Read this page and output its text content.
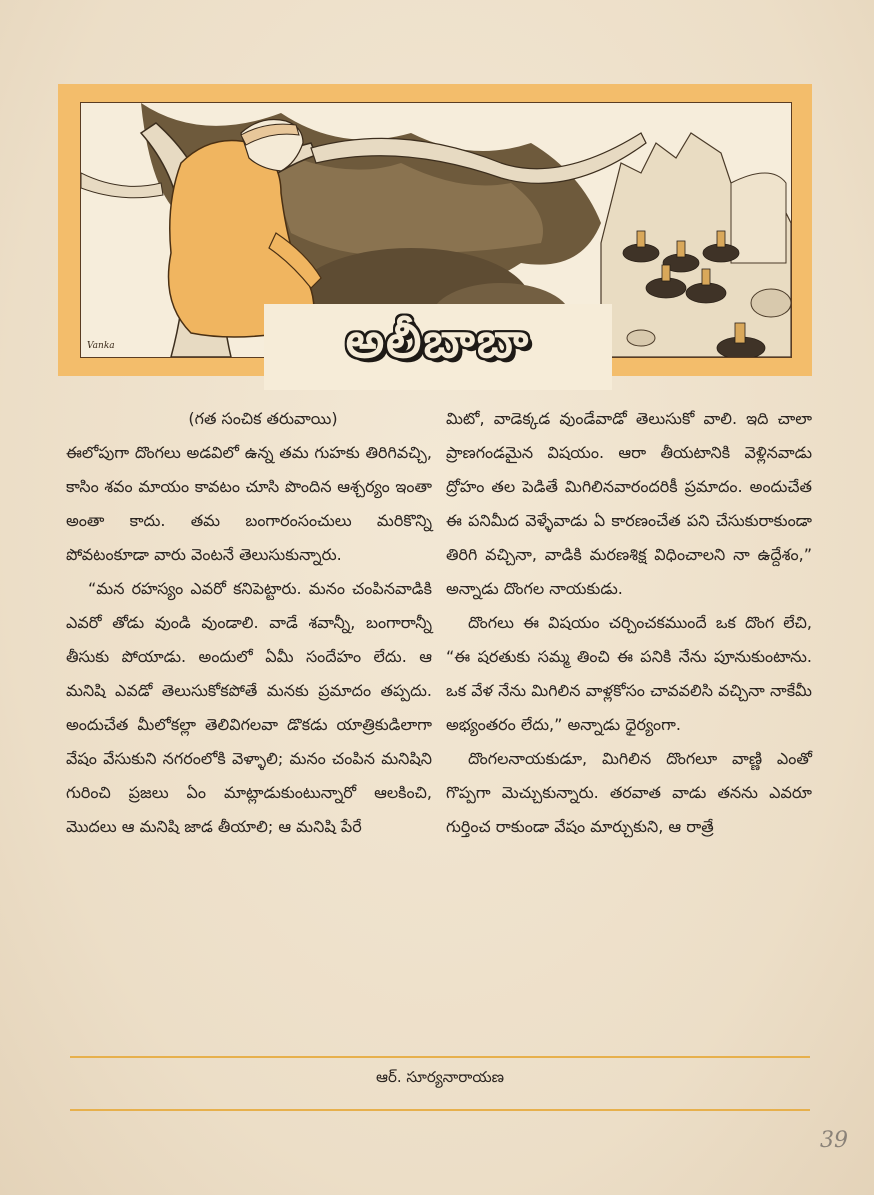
Vanka	అలీబాబా

(గత సంచిక తరువాయి)

ఈలోపుగా దొంగలు అడవిలో ఉన్న తమ గుహకు తిరిగివచ్చి, కాసిం శవం మాయం కావటం చూసి పొందిన ఆశ్చర్యం ఇంతా అంతా కాదు. తమ బంగారంసంచులు మరికొన్ని పోవటంకూడా వారు వెంటనే తెలుసుకున్నారు.

“మన రహస్యం ఎవరో కనిపెట్టారు. మనం చంపినవాడికి ఎవరో తోడు వుండి వుండాలి. వాడే శవాన్నీ, బంగారాన్నీ తీసుకు పోయాడు. అందులో ఏమీ సందేహం లేదు. ఆ మనిషి ఎవడో తెలుసుకోకపోతే మనకు ప్రమాదం తప్పదు. అందుచేత మీలోకల్లా తెలివిగలవా డొకడు యాత్రికుడిలాగా వేషం వేసుకుని నగరంలోకి వెళ్ళాలి; మనం చంపిన మనిషిని గురించి ప్రజలు ఏం మాట్లాడుకుంటున్నారో ఆలకించి, మొదలు ఆ మనిషి జాడ తీయాలి; ఆ మనిషి పేరే

మిటో, వాడెక్కడ వుండేవాడో తెలుసుకో వాలి. ఇది చాలా ప్రాణగండమైన విషయం. ఆరా తీయటానికి వెళ్లినవాడు ద్రోహం తల పెడితే మిగిలినవారందరికీ ప్రమాదం. అందుచేత ఈ పనిమీద వెళ్ళేవాడు ఏ కారణంచేత పని చేసుకురాకుండా తిరిగి వచ్చినా, వాడికి మరణశిక్ష విధించాలని నా ఉద్దేశం,” అన్నాడు దొంగల నాయకుడు.

దొంగలు ఈ విషయం చర్చించకముందే ఒక దొంగ లేచి, “ఈ షరతుకు సమ్మ తించి ఈ పనికి నేను పూనుకుంటాను. ఒక వేళ నేను మిగిలిన వాళ్లకోసం చావవలిసి వచ్చినా నాకేమీ అభ్యంతరం లేదు,” అన్నాడు ధైర్యంగా.

దొంగలనాయకుడూ, మిగిలిన దొంగలూ వాణ్ణి ఎంతో గొప్పగా మెచ్చుకున్నారు. తరవాత వాడు తనను ఎవరూ గుర్తించ రాకుండా వేషం మార్చుకుని, ఆ రాత్రే

ఆర్. సూర్యనారాయణ
39
